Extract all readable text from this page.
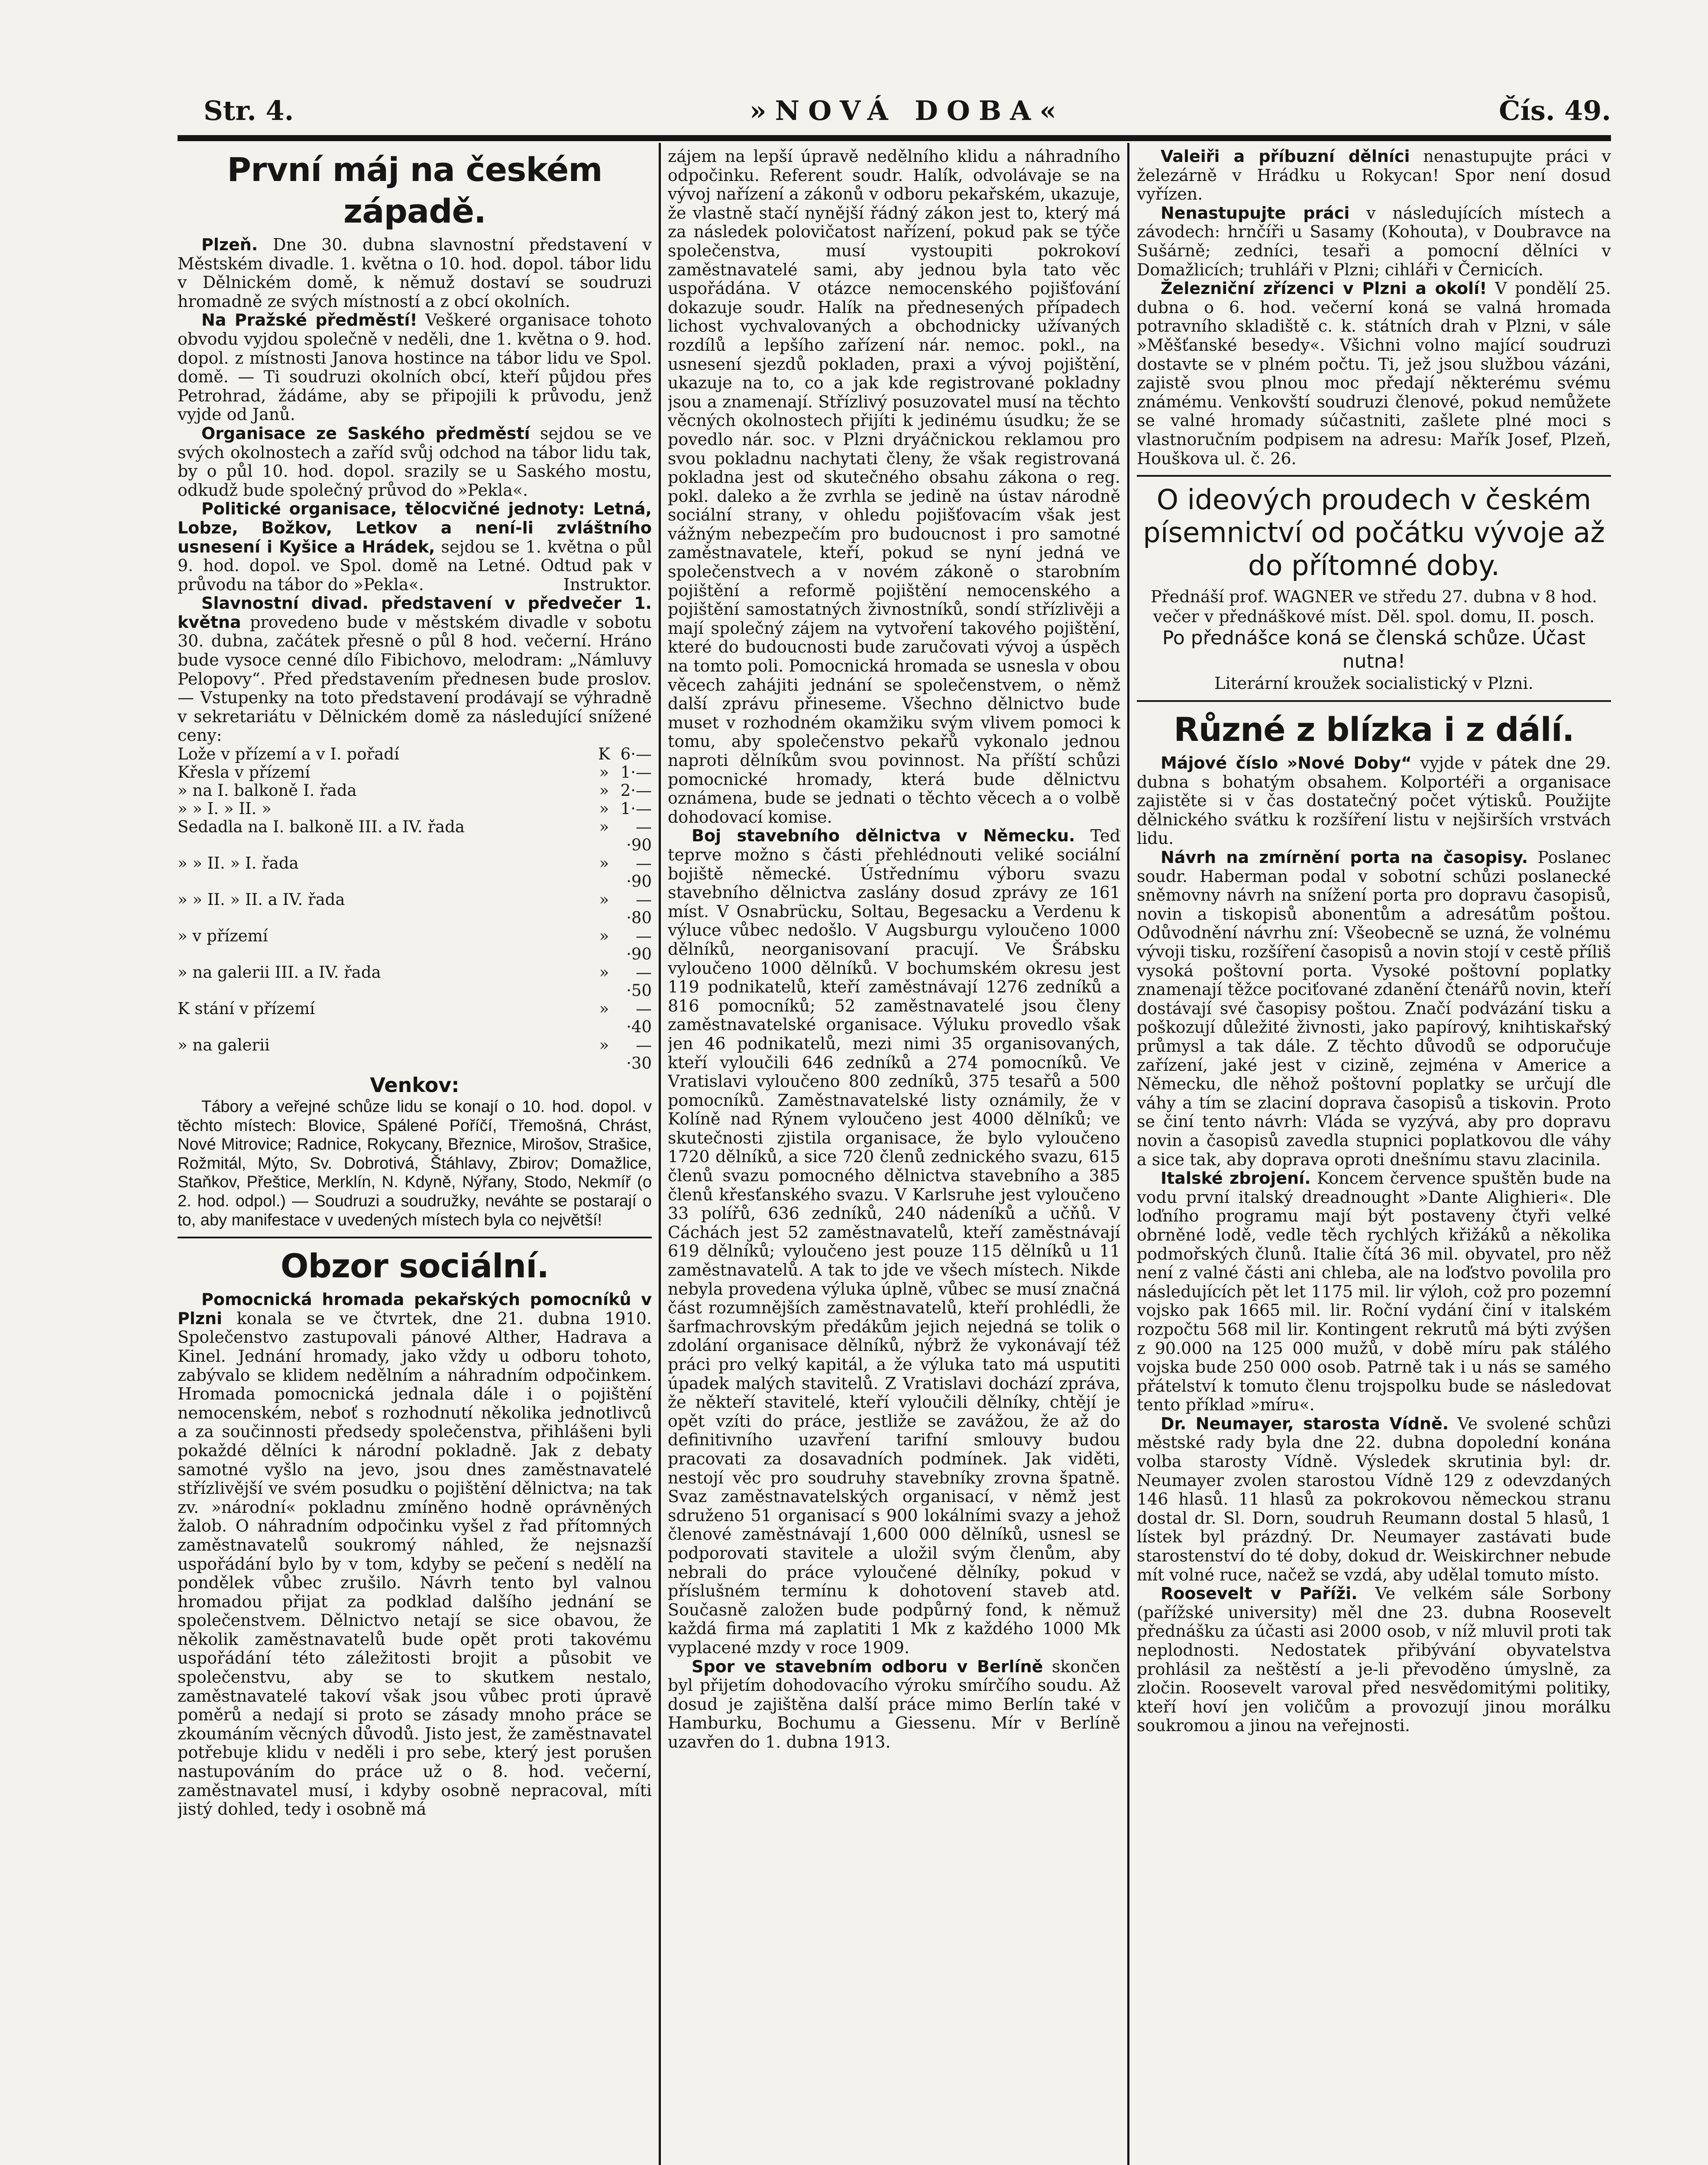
»NOVÁ DOBA«
Str. 4.	Čís. 49.
První máj na českém západě.

Plzeň. Dne 30. dubna slavnostní představení v Městském divadle. 1. května o 10. hod. dopol. tábor lidu v Dělnickém domě, k němuž dostaví se soudruzi hromadně ze svých místností a z obcí okolních.

Na Pražské předměstí! Veškeré organisace tohoto obvodu vyjdou společně v neděli, dne 1. května o 9. hod. dopol. z místnosti Janova hostince na tábor lidu ve Spol. domě. — Ti soudruzi okolních obcí, kteří půjdou přes Petrohrad, žádáme, aby se připojili k průvodu, jenž vyjde od Janů.

Organisace ze Saského předměstí sejdou se ve svých okolnostech a zaříd svůj odchod na tábor lidu tak, by o půl 10. hod. dopol. srazily se u Saského mostu, odkudž bude společný průvod do »Pekla«.

Politické organisace, tělocvičné jednoty: Letná, Lobze, Božkov, Letkov a není-li zvláštního usnesení i Kyšice a Hrádek, sejdou se 1. května o půl 9. hod. dopol. ve Spol. domě na Letné. Odtud pak v průvodu na tábor do »Pekla«.	Instruktor.

Slavnostní divad. představení v předvečer 1. května provedeno bude v městském divadle v sobotu 30. dubna, začátek přesně o půl 8 hod. večerní. Hráno bude vysoce cenné dílo Fibichovo, melodram: „Námluvy Pelopovy“. Před představením přednesen bude proslov. — Vstupenky na toto představení prodávají se výhradně v sekretariátu v Dělnickém domě za následující snížené ceny:

Lože v přízemí a v I. pořadí	K	6·—
Křesla v přízemí	»	1·—
» na I. balkoně I. řada	»	2·—
» » I. » II. »	»	1·—
Sedadla na I. balkoně III. a IV. řada	»	—·90
» » II. » I. řada	»	—·90
» » II. » II. a IV. řada	»	—·80
» v přízemí	»	—·90
» na galerii III. a IV. řada	»	—·50
K stání v přízemí	»	—·40
» na galerii	»	—·30
Venkov:

Tábory a veřejné schůze lidu se konají o 10. hod. dopol. v těchto místech: Blovice, Spálené Poříčí, Třemošná, Chrást, Nové Mitrovice; Radnice, Rokycany, Březnice, Mirošov, Strašice, Rožmitál, Mýto, Sv. Dobrotivá, Štáhlavy, Zbirov; Domažlice, Staňkov, Přeštice, Merklín, N. Kdyně, Nýřany, Stodo, Nekmíř (o 2. hod. odpol.) — Soudruzi a soudružky, neváhte se postarají o to, aby manifestace v uvedených místech byla co největší!

Obzor sociální.

Pomocnická hromada pekařských pomocníků v Plzni konala se ve čtvrtek, dne 21. dubna 1910. Společenstvo zastupovali pánové Alther, Hadrava a Kinel. Jednání hromady, jako vždy u odboru tohoto, zabývalo se klidem nedělním a náhradním odpočinkem. Hromada pomocnická jednala dále i o pojištění nemocenském, neboť s rozhodnutí několika jednotlivců a za součinnosti předsedy společenstva, přihlášeni byli pokaždé dělníci k národní pokladně. Jak z debaty samotné vyšlo na jevo, jsou dnes zaměstnavatelé střízlivější ve svém posudku o pojištění dělnictva; na tak zv. »národní« pokladnu zmíněno hodně oprávněných žalob. O náhradním odpočinku vyšel z řad přítomných zaměstnavatelů soukromý náhled, že nejsnazší uspořádání bylo by v tom, kdyby se pečení s nedělí na pondělek vůbec zrušilo. Návrh tento byl valnou hromadou přijat za podklad dalšího jednání se společenstvem. Dělnictvo netají se sice obavou, že několik zaměstnavatelů bude opět proti takovému uspořádání této záležitosti brojit a působit ve společenstvu, aby se to skutkem nestalo, zaměstnavatelé takoví však jsou vůbec proti úpravě poměrů a nedají si proto se zásady mnoho práce se zkoumáním věcných důvodů. Jisto jest, že zaměstnavatel potřebuje klidu v neděli i pro sebe, který jest porušen nastupováním do práce už o 8. hod. večerní, zaměstnavatel musí, i kdyby osobně nepracoval, míti jistý dohled, tedy i osobně má

zájem na lepší úpravě nedělního klidu a náhradního odpočinku. Referent soudr. Halík, odvolávaje se na vývoj nařízení a zákonů v odboru pekařském, ukazuje, že vlastně stačí nynější řádný zákon jest to, který má za následek polovičatost nařízení, pokud pak se týče společenstva, musí vystoupiti pokrokoví zaměstnavatelé sami, aby jednou byla tato věc uspořádána. V otázce nemocenského pojišťování dokazuje soudr. Halík na přednesených případech lichost vychvalovaných a obchodnicky užívaných rozdílů a lepšího zařízení nár. nemoc. pokl., na usnesení sjezdů pokladen, praxi a vývoj pojištění, ukazuje na to, co a jak kde registrované pokladny jsou a znamenají. Střízlivý posuzovatel musí na těchto věcných okolnostech přijíti k jedinému úsudku; že se povedlo nár. soc. v Plzni dryáčnickou reklamou pro svou pokladnu nachytati členy, že však registrovaná pokladna jest od skutečného obsahu zákona o reg. pokl. daleko a že zvrhla se jedině na ústav národně sociální strany, v ohledu pojišťovacím však jest vážným nebezpečím pro budoucnost i pro samotné zaměstnavatele, kteří, pokud se nyní jedná ve společenstvech a v novém zákoně o starobním pojištění a reformě pojištění nemocenského a pojištění samostatných živnostníků, sondí střízlivěji a mají společný zájem na vytvoření takového pojištění, které do budoucnosti bude zaručovati vývoj a úspěch na tomto poli. Pomocnická hromada se usnesla v obou věcech zahájiti jednání se společenstvem, o němž další zprávu přineseme. Všechno dělnictvo bude muset v rozhodném okamžiku svým vlivem pomoci k tomu, aby společenstvo pekařů vykonalo jednou naproti dělníkům svou povinnost. Na příští schůzi pomocnické hromady, která bude dělnictvu oznámena, bude se jednati o těchto věcech a o volbě dohodovací komise.

Boj stavebního dělnictva v Německu. Teď teprve možno s části přehlédnouti veliké sociální bojiště německé. Ústřednímu výboru svazu stavebního dělnictva zaslány dosud zprávy ze 161 míst. V Osnabrücku, Soltau, Begesacku a Verdenu k výluce vůbec nedošlo. V Augsburgu vyloučeno 1000 dělníků, neorganisovaní pracují. Ve Šrábsku vyloučeno 1000 dělníků. V bochumském okresu jest 119 podnikatelů, kteří zaměstnávají 1276 zedníků a 816 pomocníků; 52 zaměstnavatelé jsou členy zaměstnavatelské organisace. Výluku provedlo však jen 46 podnikatelů, mezi nimi 35 organisovaných, kteří vyloučili 646 zedníků a 274 pomocníků. Ve Vratislavi vyloučeno 800 zedníků, 375 tesařů a 500 pomocníků. Zaměstnavatelské listy oznámily, že v Kolíně nad Rýnem vyloučeno jest 4000 dělníků; ve skutečnosti zjistila organisace, že bylo vyloučeno 1720 dělníků, a sice 720 členů zednického svazu, 615 členů svazu pomocného dělnictva stavebního a 385 členů křesťanského svazu. V Karlsruhe jest vyloučeno 33 polířů, 636 zedníků, 240 nádeníků a učňů. V Cáchách jest 52 zaměstnavatelů, kteří zaměstnávají 619 dělníků; vyloučeno jest pouze 115 dělníků u 11 zaměstnavatelů. A tak to jde ve všech místech. Nikde nebyla provedena výluka úplně, vůbec se musí značná část rozumnějších zaměstnavatelů, kteří prohlédli, že šarfmachrovským předákům jejich nejedná se tolik o zdolání organisace dělníků, nýbrž že vykonávají též práci pro velký kapitál, a že výluka tato má usputiti úpadek malých stavitelů. Z Vratislavi dochází zpráva, že někteří stavitelé, kteří vyloučili dělníky, chtějí je opět vzíti do práce, jestliže se zavážou, že až do definitivního uzavření tarifní smlouvy budou pracovati za dosavadních podmínek. Jak viděti, nestojí věc pro soudruhy stavebníky zrovna špatně. Svaz zaměstnavatelských organisací, v němž jest sdruženo 51 organisací s 900 lokálními svazy a jehož členové zaměstnávají 1,600 000 dělníků, usnesl se podporovati stavitele a uložil svým členům, aby nebrali do práce vyloučené dělníky, pokud v příslušném termínu k dohotovení staveb atd. Současně založen bude podpůrný fond, k němuž každá firma má zaplatiti 1 Mk z každého 1000 Mk vyplacené mzdy v roce 1909.

Spor ve stavebním odboru v Berlíně skončen byl přijetím dohodovacího výroku smírčího soudu. Až dosud je zajištěna další práce mimo Berlín také v Hamburku, Bochumu a Giessenu. Mír v Berlíně uzavřen do 1. dubna 1913.

Valeiři a příbuzní dělníci nenastupujte práci v železárně v Hrádku u Rokycan! Spor není dosud vyřízen.

Nenastupujte práci v následujících místech a závodech: hrnčíři u Sasamy (Kohouta), v Doubravce na Sušárně; zedníci, tesaři a pomocní dělníci v Domažlicích; truhláři v Plzni; cihláři v Černicích.

Železniční zřízenci v Plzni a okolí! V pondělí 25. dubna o 6. hod. večerní koná se valná hromada potravního skladiště c. k. státních drah v Plzni, v sále »Měšťanské besedy«. Všichni volno mající soudruzi dostavte se v plném počtu. Ti, jež jsou službou vázáni, zajistě svou plnou moc předají některému svému známému. Venkovští soudruzi členové, pokud nemůžete se valné hromady súčastniti, zašlete plné moci s vlastnoručním podpisem na adresu: Mařík Josef, Plzeň, Houškova ul. č. 26.

O ideových proudech v českém písemnictví od počátku vývoje až do přítomné doby.
Přednáší prof. WAGNER ve středu 27. dubna v 8 hod.
večer v přednáškové míst. Děl. spol. domu, II. posch.
Po přednášce koná se členská schůze. Účast nutna!
Literární kroužek socialistický v Plzni.
Různé z blízka i z dálí.

Májové číslo »Nové Doby“ vyjde v pátek dne 29. dubna s bohatým obsahem. Kolportéři a organisace zajistěte si v čas dostatečný počet výtisků. Použijte dělnického svátku k rozšíření listu v nejširších vrstvách lidu.

Návrh na zmírnění porta na časopisy. Poslanec soudr. Haberman podal v sobotní schůzi poslanecké sněmovny návrh na snížení porta pro dopravu časopisů, novin a tiskopisů abonentům a adresátům poštou. Odůvodnění návrhu zní: Všeobecně se uzná, že volnému vývoji tisku, rozšíření časopisů a novin stojí v cestě příliš vysoká poštovní porta. Vysoké poštovní poplatky znamenají těžce pociťované zdanění čtenářů novin, kteří dostávají své časopisy poštou. Značí podvázání tisku a poškozují důležité živnosti, jako papírový, knihtiskařský průmysl a tak dále. Z těchto důvodů se odporučuje zařízení, jaké jest v cizině, zejména v Americe a Německu, dle něhož poštovní poplatky se určují dle váhy a tím se zlaciní doprava časopisů a tiskovin. Proto se činí tento návrh: Vláda se vyzývá, aby pro dopravu novin a časopisů zavedla stupnici poplatkovou dle váhy a sice tak, aby doprava oproti dnešnímu stavu zlacinila.

Italské zbrojení. Koncem července spuštěn bude na vodu první italský dreadnought »Dante Alighieri«. Dle loďního programu mají být postaveny čtyři velké obrněné lodě, vedle těch rychlých křižáků a několika podmořských člunů. Italie čítá 36 mil. obyvatel, pro něž není z valné části ani chleba, ale na loďstvo povolila pro následujících pět let 1175 mil. lir výloh, což pro pozemní vojsko pak 1665 mil. lir. Roční vydání činí v italském rozpočtu 568 mil lir. Kontingent rekrutů má býti zvýšen z 90.000 na 125 000 mužů, v době míru pak stálého vojska bude 250 000 osob. Patrně tak i u nás se samého přátelství k tomuto členu trojspolku bude se následovat tento příklad »míru«.

Dr. Neumayer, starosta Vídně. Ve svolené schůzi městské rady byla dne 22. dubna dopolední konána volba starosty Vídně. Výsledek skrutinia byl: dr. Neumayer zvolen starostou Vídně 129 z odevzdaných 146 hlasů. 11 hlasů za pokrokovou německou stranu dostal dr. Sl. Dorn, soudruh Reumann dostal 5 hlasů, 1 lístek byl prázdný. Dr. Neumayer zastávati bude starostenství do té doby, dokud dr. Weiskirchner nebude mít volné ruce, načež se vzdá, aby udělal tomuto místo.

Roosevelt v Paříži. Ve velkém sále Sorbony (pařížské university) měl dne 23. dubna Roosevelt přednášku za účasti asi 2000 osob, v níž mluvil proti tak neplodnosti. Nedostatek přibývání obyvatelstva prohlásil za neštěstí a je-li převoděno úmyslně, za zločin. Roosevelt varoval před nesvědomitými politiky, kteří hoví jen voličům a provozují jinou morálku soukromou a jinou na veřejnosti.
